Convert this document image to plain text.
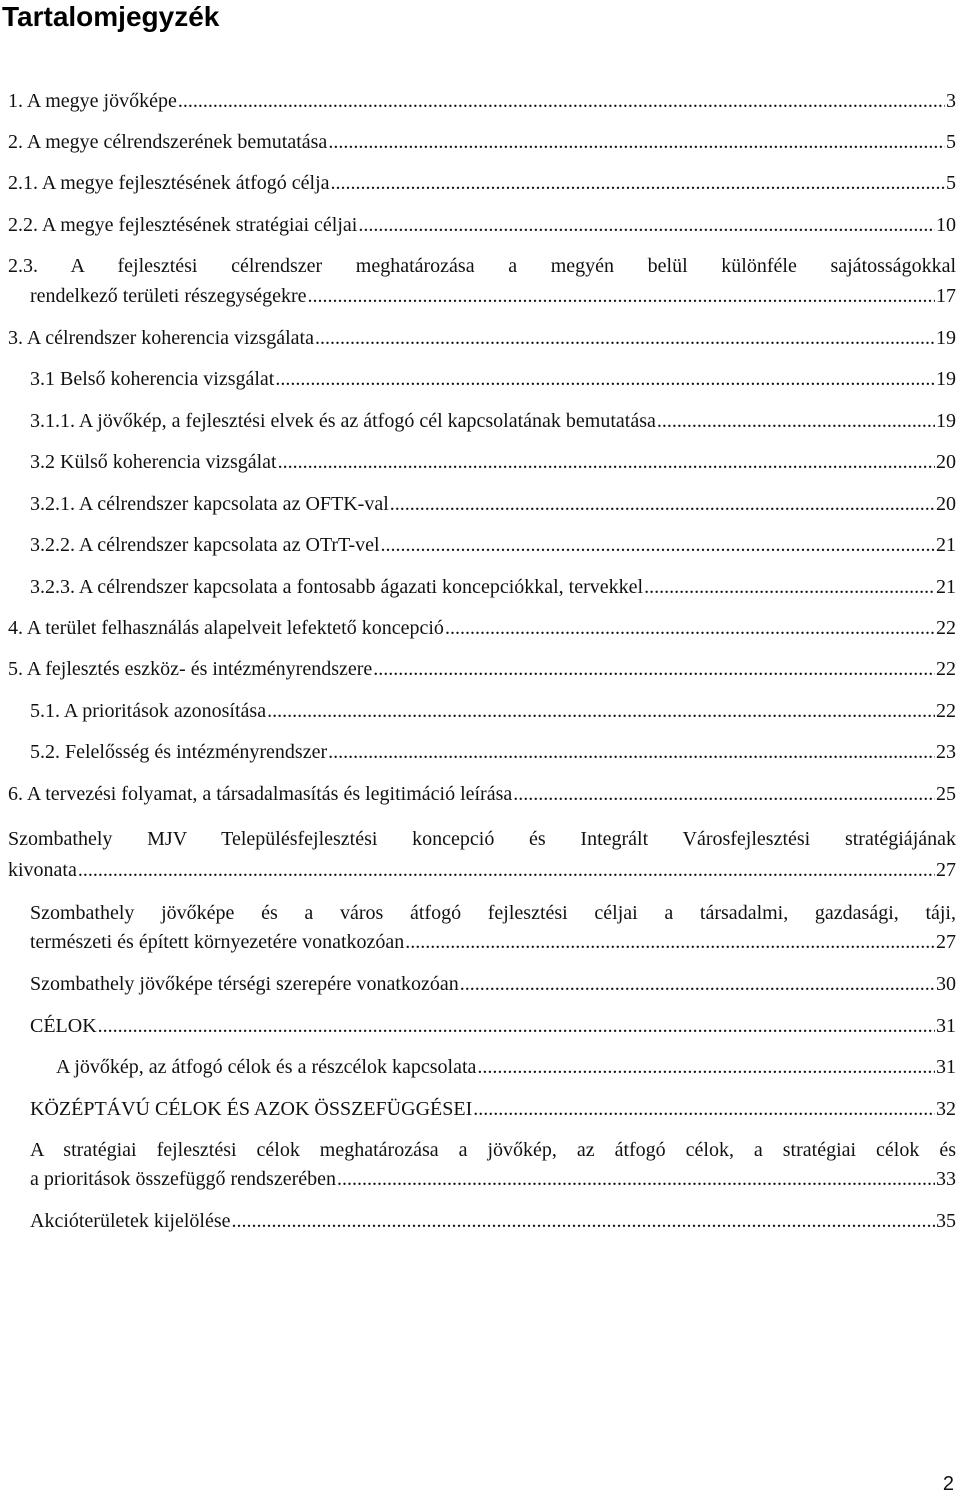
Tartalomjegyzék
1. A megye jövőképe .....	3
2. A megye célrendszerének bemutatása .....	5
2.1. A megye fejlesztésének átfogó célja .....	5
2.2. A megye fejlesztésének stratégiai céljai .....	10
2.3. A fejlesztési célrendszer meghatározása a megyén belül különféle sajátosságokkal
rendelkező területi részegységekre .....	17
3. A célrendszer koherencia vizsgálata .....	19
3.1 Belső koherencia vizsgálat .....	19
3.1.1. A jövőkép, a fejlesztési elvek és az átfogó cél kapcsolatának bemutatása .....	19
3.2 Külső koherencia vizsgálat .....	20
3.2.1. A célrendszer kapcsolata az OFTK-val .....	20
3.2.2. A célrendszer kapcsolata az OTrT-vel .....	21
3.2.3. A célrendszer kapcsolata a fontosabb ágazati koncepciókkal, tervekkel .....	21
4. A terület felhasználás alapelveit lefektető koncepció .....	22
5. A fejlesztés eszköz- és intézményrendszere .....	22
5.1. A prioritások azonosítása .....	22
5.2. Felelősség és intézményrendszer .....	23
6. A tervezési folyamat, a társadalmasítás és legitimáció leírása .....	25
Szombathely MJV Településfejlesztési koncepció és Integrált Városfejlesztési stratégiájának
kivonata .....	27
Szombathely jövőképe és a város átfogó fejlesztési céljai a társadalmi, gazdasági, táji,
természeti és épített környezetére vonatkozóan .....	27
Szombathely jövőképe térségi szerepére vonatkozóan .....	30
CÉLOK .....	31
A jövőkép, az átfogó célok és a részcélok kapcsolata .....	31
KÖZÉPTÁVÚ CÉLOK ÉS AZOK ÖSSZEFÜGGÉSEI .....	32
A stratégiai fejlesztési célok meghatározása a jövőkép, az átfogó célok, a stratégiai célok és
a prioritások összefüggő rendszerében .....	33
Akcióterületek kijelölése .....	35
2
